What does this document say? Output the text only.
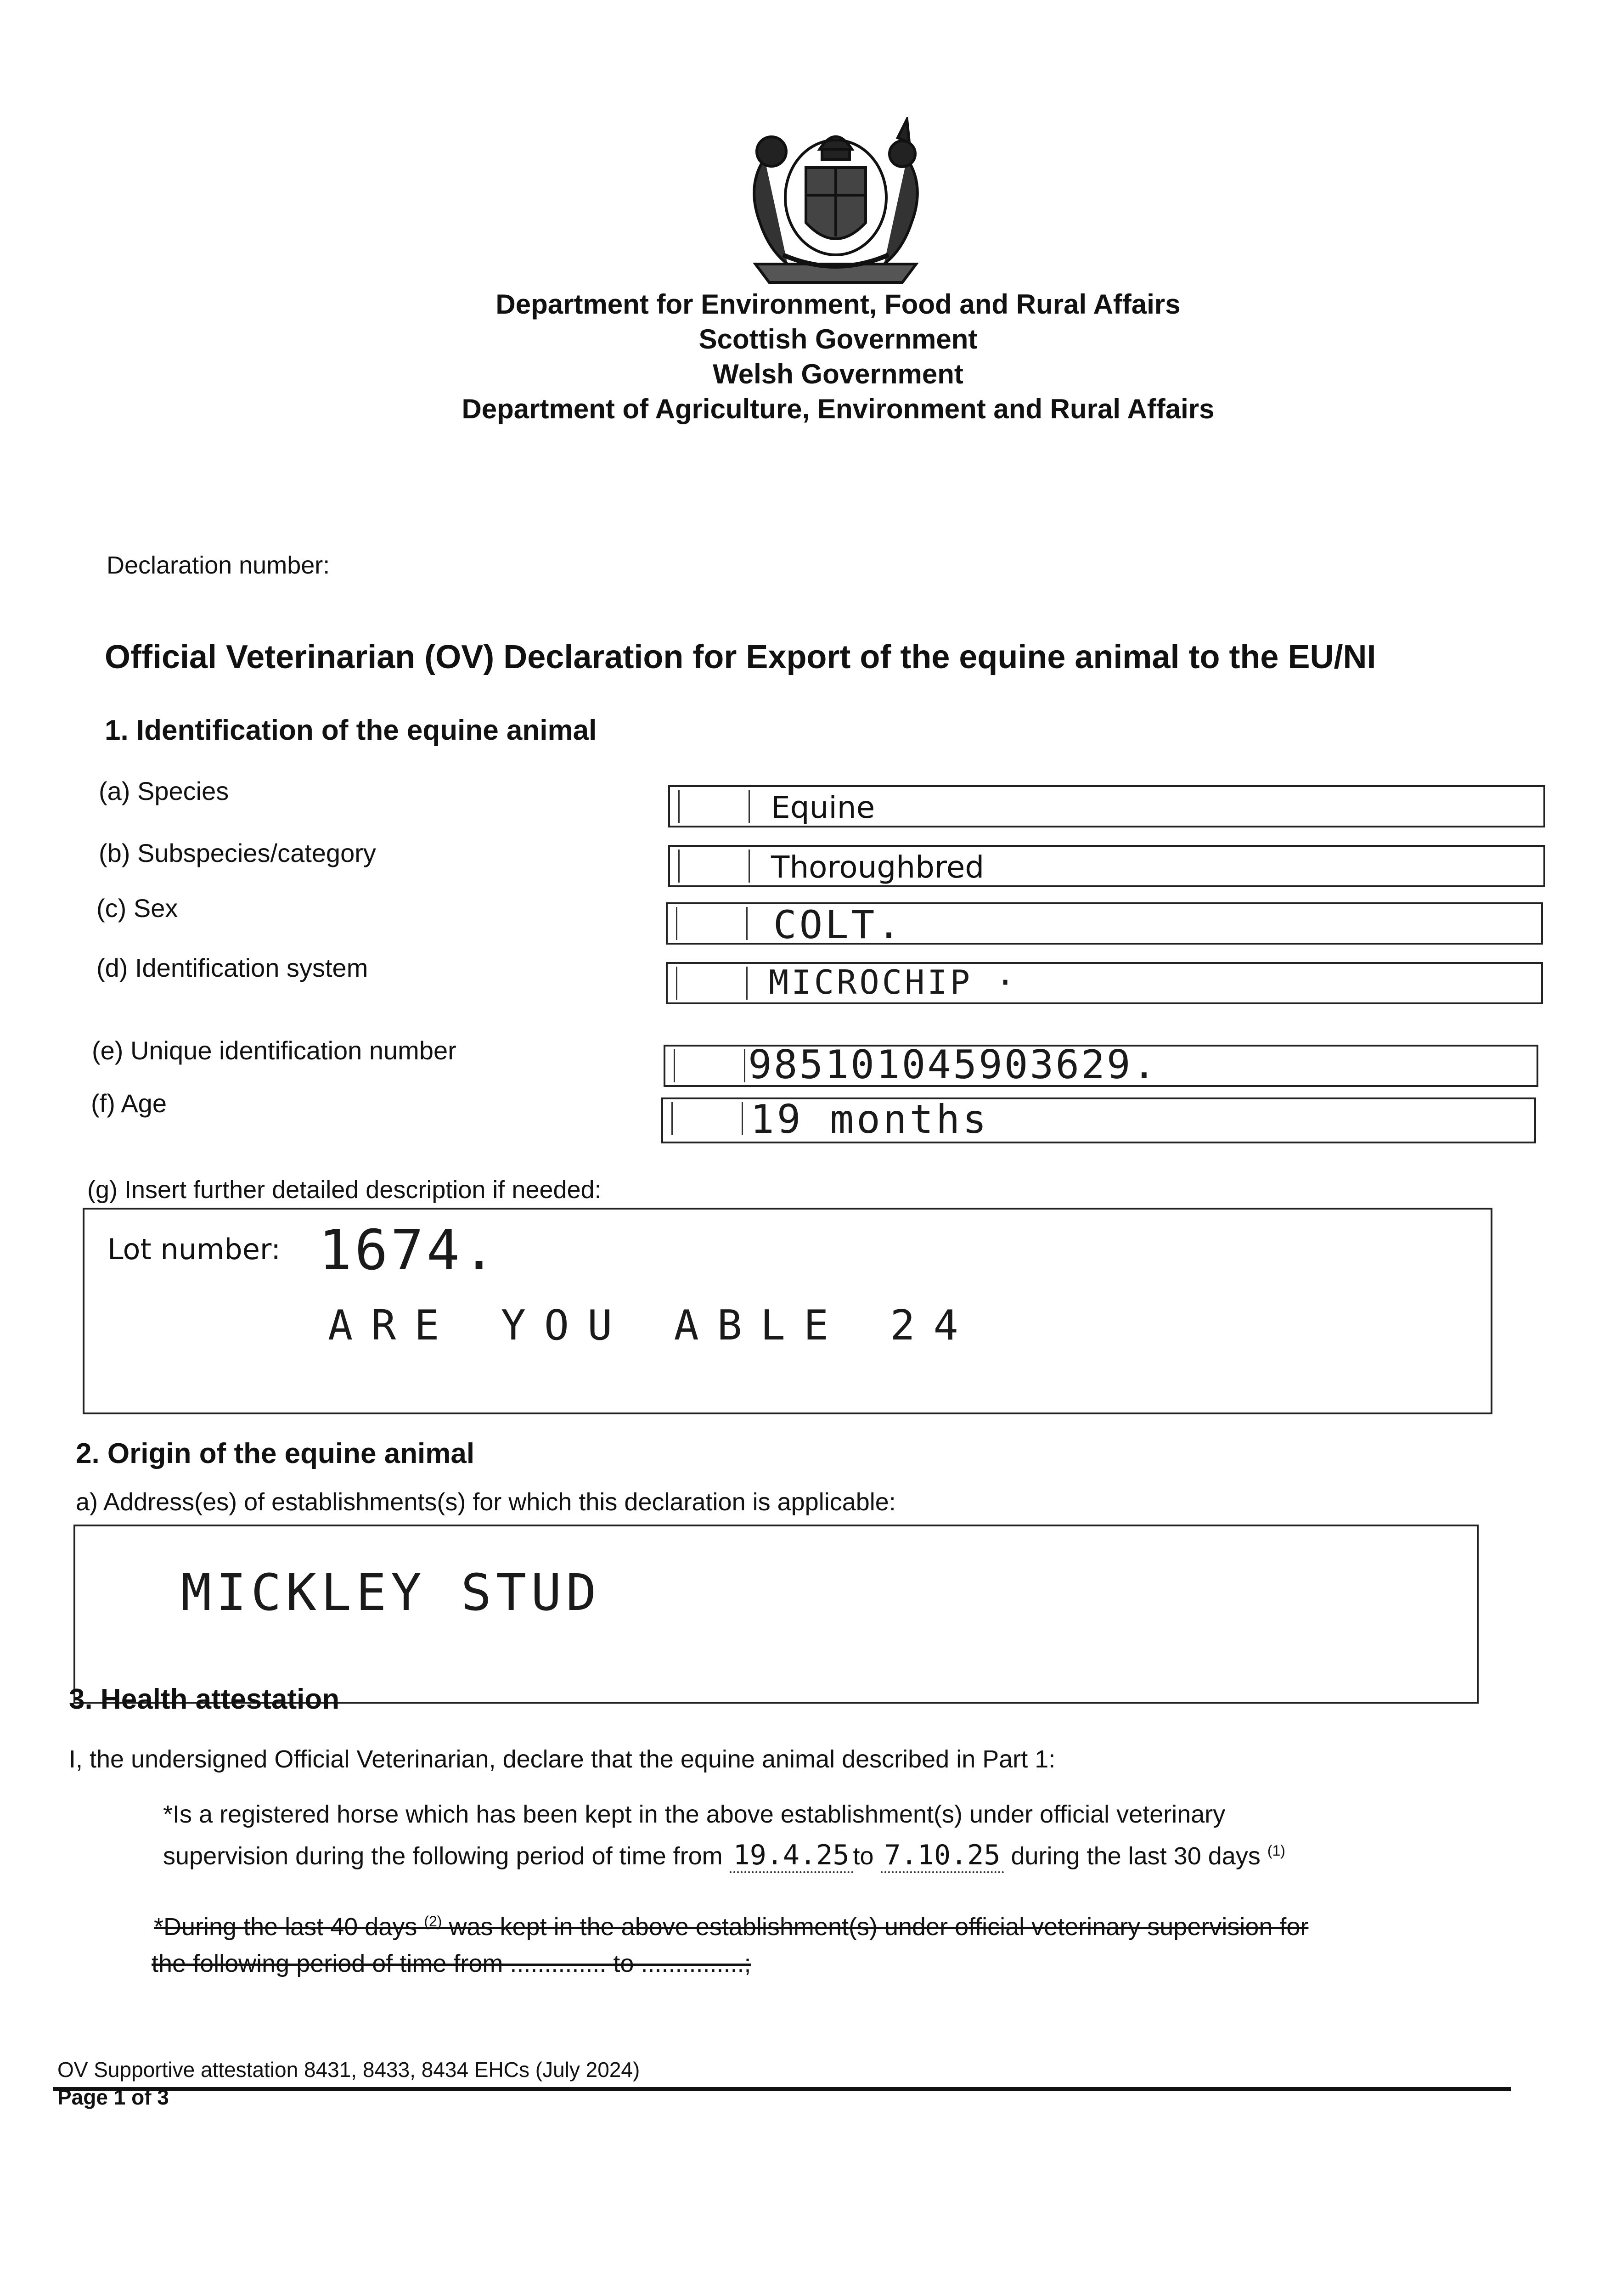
Department for Environment, Food and Rural Affairs
Scottish Government
Welsh Government
Department of Agriculture, Environment and Rural Affairs
Declaration number:
Official Veterinarian (OV) Declaration for Export of the equine animal to the EU/NI
1. Identification of the equine animal
(a) Species	Equine
(b) Subspecies/category	Thoroughbred
(c) Sex	COLT.
(d) Identification system	MICROCHIP ·
(e) Unique identification number	985101045903629.
(f) Age	19 months
(g) Insert further detailed description if needed:
Lot number: 1674.
ARE YOU ABLE 24
2. Origin of the equine animal
a) Address(es) of establishments(s) for which this declaration is applicable:
MICKLEY STUD
3. Health attestation
I, the undersigned Official Veterinarian, declare that the equine animal described in Part 1:
*Is a registered horse which has been kept in the above establishment(s) under official veterinary
supervision during the following period of time from 19.4.25 to 7.10.25 during the last 30 days $^{(1)}$
*During the last 40 days $^{(2)}$ was kept in the above establishment(s) under official veterinary supervision for
the following period of time from .............. to ...............;
OV Supportive attestation 8431, 8433, 8434 EHCs (July 2024)
Page 1 of 3
